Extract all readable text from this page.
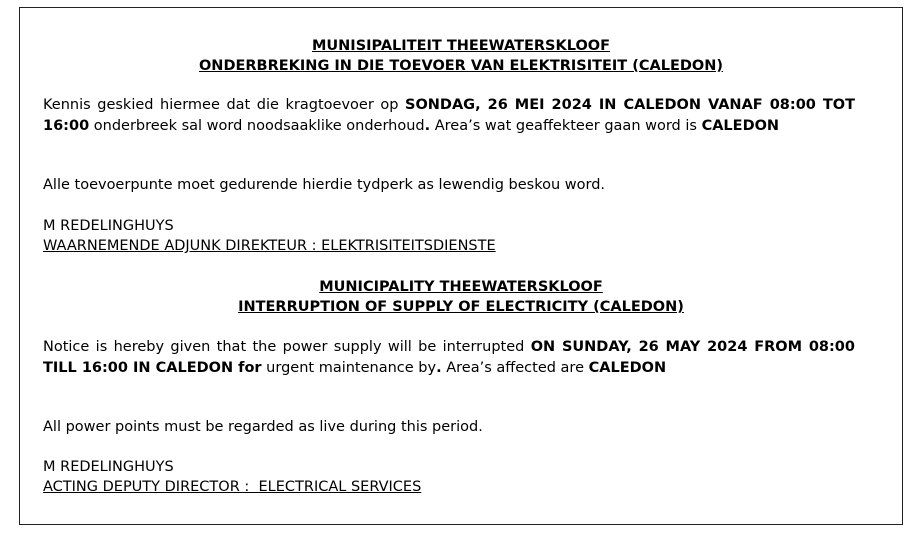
MUNISIPALITEIT THEEWATERSKLOOF
ONDERBREKING IN DIE TOEVOER VAN ELEKTRISITEIT (CALEDON)
Kennis geskied hiermee dat die kragtoevoer op SONDAG, 26 MEI 2024 IN CALEDON VANAF 08:00 TOT 16:00 onderbreek sal word noodsaaklike onderhoud. Area’s wat geaffekteer gaan word is CALEDON
Alle toevoerpunte moet gedurende hierdie tydperk as lewendig beskou word.
M REDELINGHUYS
WAARNEMENDE ADJUNK DIREKTEUR : ELEKTRISITEITSDIENSTE
MUNICIPALITY THEEWATERSKLOOF
INTERRUPTION OF SUPPLY OF ELECTRICITY (CALEDON)
Notice is hereby given that the power supply will be interrupted ON SUNDAY, 26 MAY 2024 FROM 08:00 TILL 16:00 IN CALEDON for urgent maintenance by. Area’s affected are CALEDON
All power points must be regarded as live during this period.
M REDELINGHUYS
ACTING DEPUTY DIRECTOR :  ELECTRICAL SERVICES
